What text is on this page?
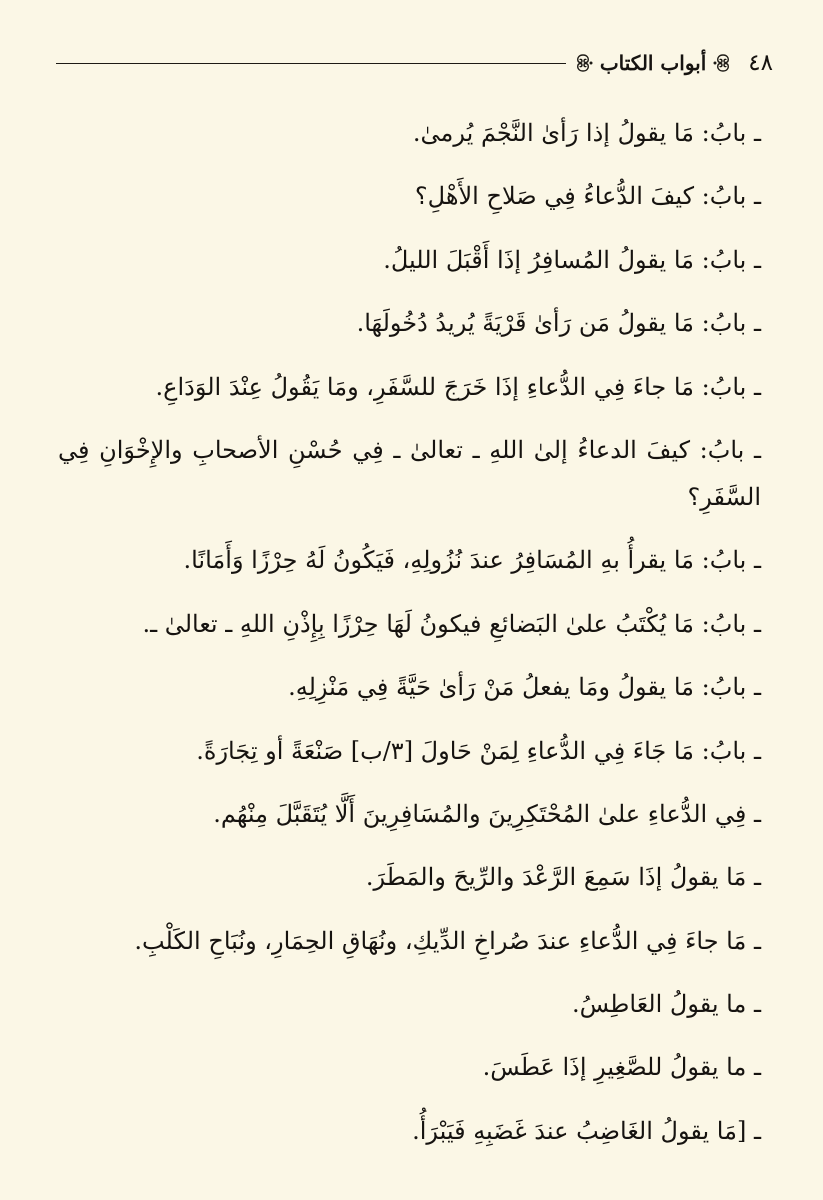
٤٨
أبواب الكتاب
ـ بابُ: مَا يقولُ إذا رَأىٰ النَّجْمَ يُرمىٰ.
ـ بابُ: كيفَ الدُّعاءُ فِي صَلاحِ الأَهْلِ؟
ـ بابُ: مَا يقولُ المُسافِرُ إذَا أَقْبَلَ الليلُ.
ـ بابُ: مَا يقولُ مَن رَأىٰ قَرْيَةً يُريدُ دُخُولَهَا.
ـ بابُ: مَا جاءَ فِي الدُّعاءِ إذَا خَرَجَ للسَّفَرِ، ومَا يَقُولُ عِنْدَ الوَدَاعِ.
ـ بابُ: كيفَ الدعاءُ إلىٰ اللهِ ـ تعالىٰ ـ فِي حُسْنِ الأصحابِ والإِخْوَانِ فِي السَّفَرِ؟
ـ بابُ: مَا يقرأُ بهِ المُسَافِرُ عندَ نُزُولِهِ، فَيَكُونُ لَهُ حِرْزًا وَأَمَانًا.
ـ بابُ: مَا يُكْتَبُ علىٰ البَضائعِ فيكونُ لَهَا حِرْزًا بِإِذْنِ اللهِ ـ تعالىٰ ـ.
ـ بابُ: مَا يقولُ ومَا يفعلُ مَنْ رَأىٰ حَيَّةً فِي مَنْزِلِهِ.
ـ بابُ: مَا جَاءَ فِي الدُّعاءِ لِمَنْ حَاولَ [٣/ب] صَنْعَةً أو تِجَارَةً.
ـ فِي الدُّعاءِ علىٰ المُحْتَكِرِينَ والمُسَافِرِينَ أَلَّا يُتَقَبَّلَ مِنْهُم.
ـ مَا يقولُ إذَا سَمِعَ الرَّعْدَ والرِّيحَ والمَطَرَ.
ـ مَا جاءَ فِي الدُّعاءِ عندَ صُراخِ الدِّيكِ، ونُهَاقِ الحِمَارِ، ونُبَاحِ الكَلْبِ.
ـ ما يقولُ العَاطِسُ.
ـ ما يقولُ للصَّغِيرِ إذَا عَطَسَ.
ـ [مَا يقولُ الغَاضِبُ عندَ غَضَبِهِ فَيَبْرَأُ.
